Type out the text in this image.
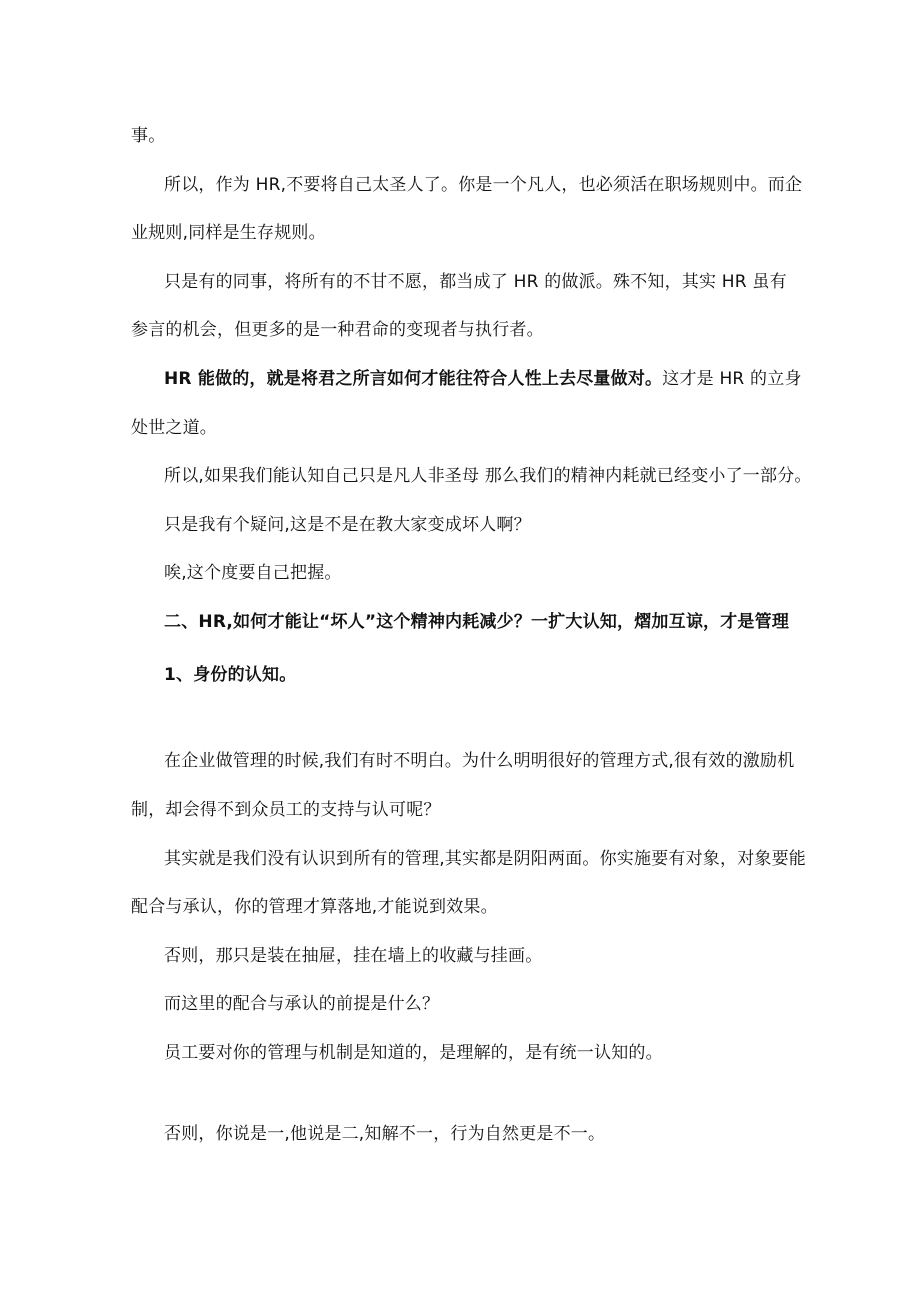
事。

所以，作为 HR,不要将自己太圣人了。你是一个凡人，也必须活在职场规则中。而企

业规则,同样是生存规则。

只是有的同事，将所有的不甘不愿，都当成了 HR 的做派。殊不知，其实 HR 虽有

参言的机会，但更多的是一种君命的变现者与执行者。

HR 能做的，就是将君之所言如何才能往符合人性上去尽量做对。这才是 HR 的立身

处世之道。

所以,如果我们能认知自己只是凡人非圣母 那么我们的精神内耗就已经变小了一部分。

只是我有个疑问,这是不是在教大家变成坏人啊？

唉,这个度要自己把握。

二、HR,如何才能让“坏人”这个精神内耗减少？一扩大认知，熠加互谅，才是管理

1、身份的认知。

在企业做管理的时候,我们有时不明白。为什么明明很好的管理方式,很有效的激励机

制，却会得不到众员工的支持与认可呢？

其实就是我们没有认识到所有的管理,其实都是阴阳两面。你实施要有对象，对象要能

配合与承认，你的管理才算落地,才能说到效果。

否则，那只是装在抽屉，挂在墙上的收藏与挂画。

而这里的配合与承认的前提是什么？

员工要对你的管理与机制是知道的，是理解的，是有统一认知的。

否则，你说是一,他说是二,知解不一，行为自然更是不一。
